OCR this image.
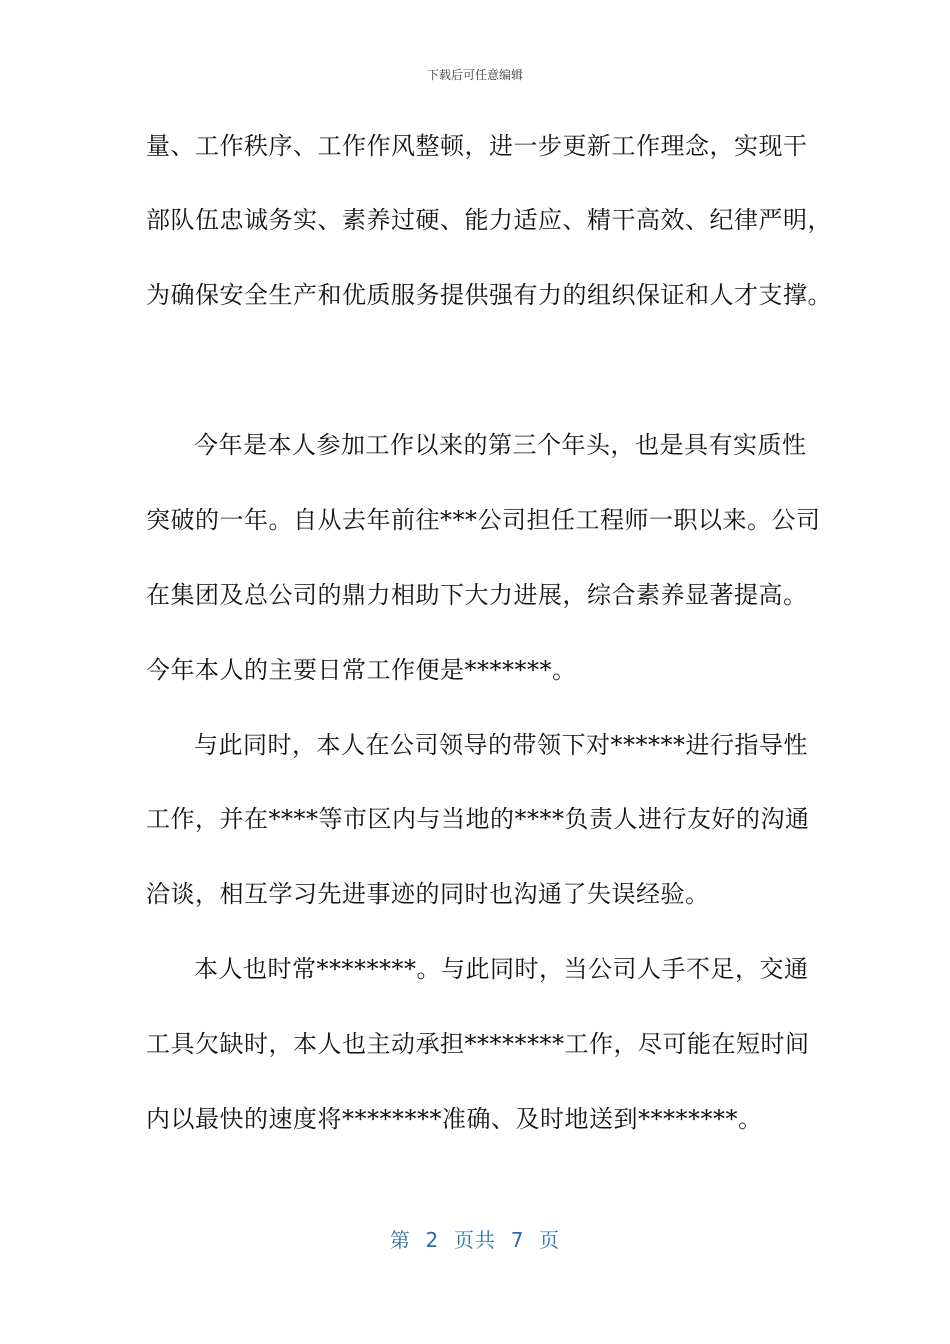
下载后可任意编辑
量、工作秩序、工作作风整顿，进一步更新工作理念，实现干
部队伍忠诚务实、素养过硬、能力适应、精干高效、纪律严明，
为确保安全生产和优质服务提供强有力的组织保证和人才支撑。
今年是本人参加工作以来的第三个年头，也是具有实质性
突破的一年。自从去年前往***公司担任工程师一职以来。公司
在集团及总公司的鼎力相助下大力进展，综合素养显著提高。
今年本人的主要日常工作便是*******。
与此同时，本人在公司领导的带领下对******进行指导性
工作，并在****等市区内与当地的****负责人进行友好的沟通
洽谈，相互学习先进事迹的同时也沟通了失误经验。
本人也时常********。与此同时，当公司人手不足，交通
工具欠缺时，本人也主动承担********工作，尽可能在短时间
内以最快的速度将********准确、及时地送到********。
第  2  页共  7  页
